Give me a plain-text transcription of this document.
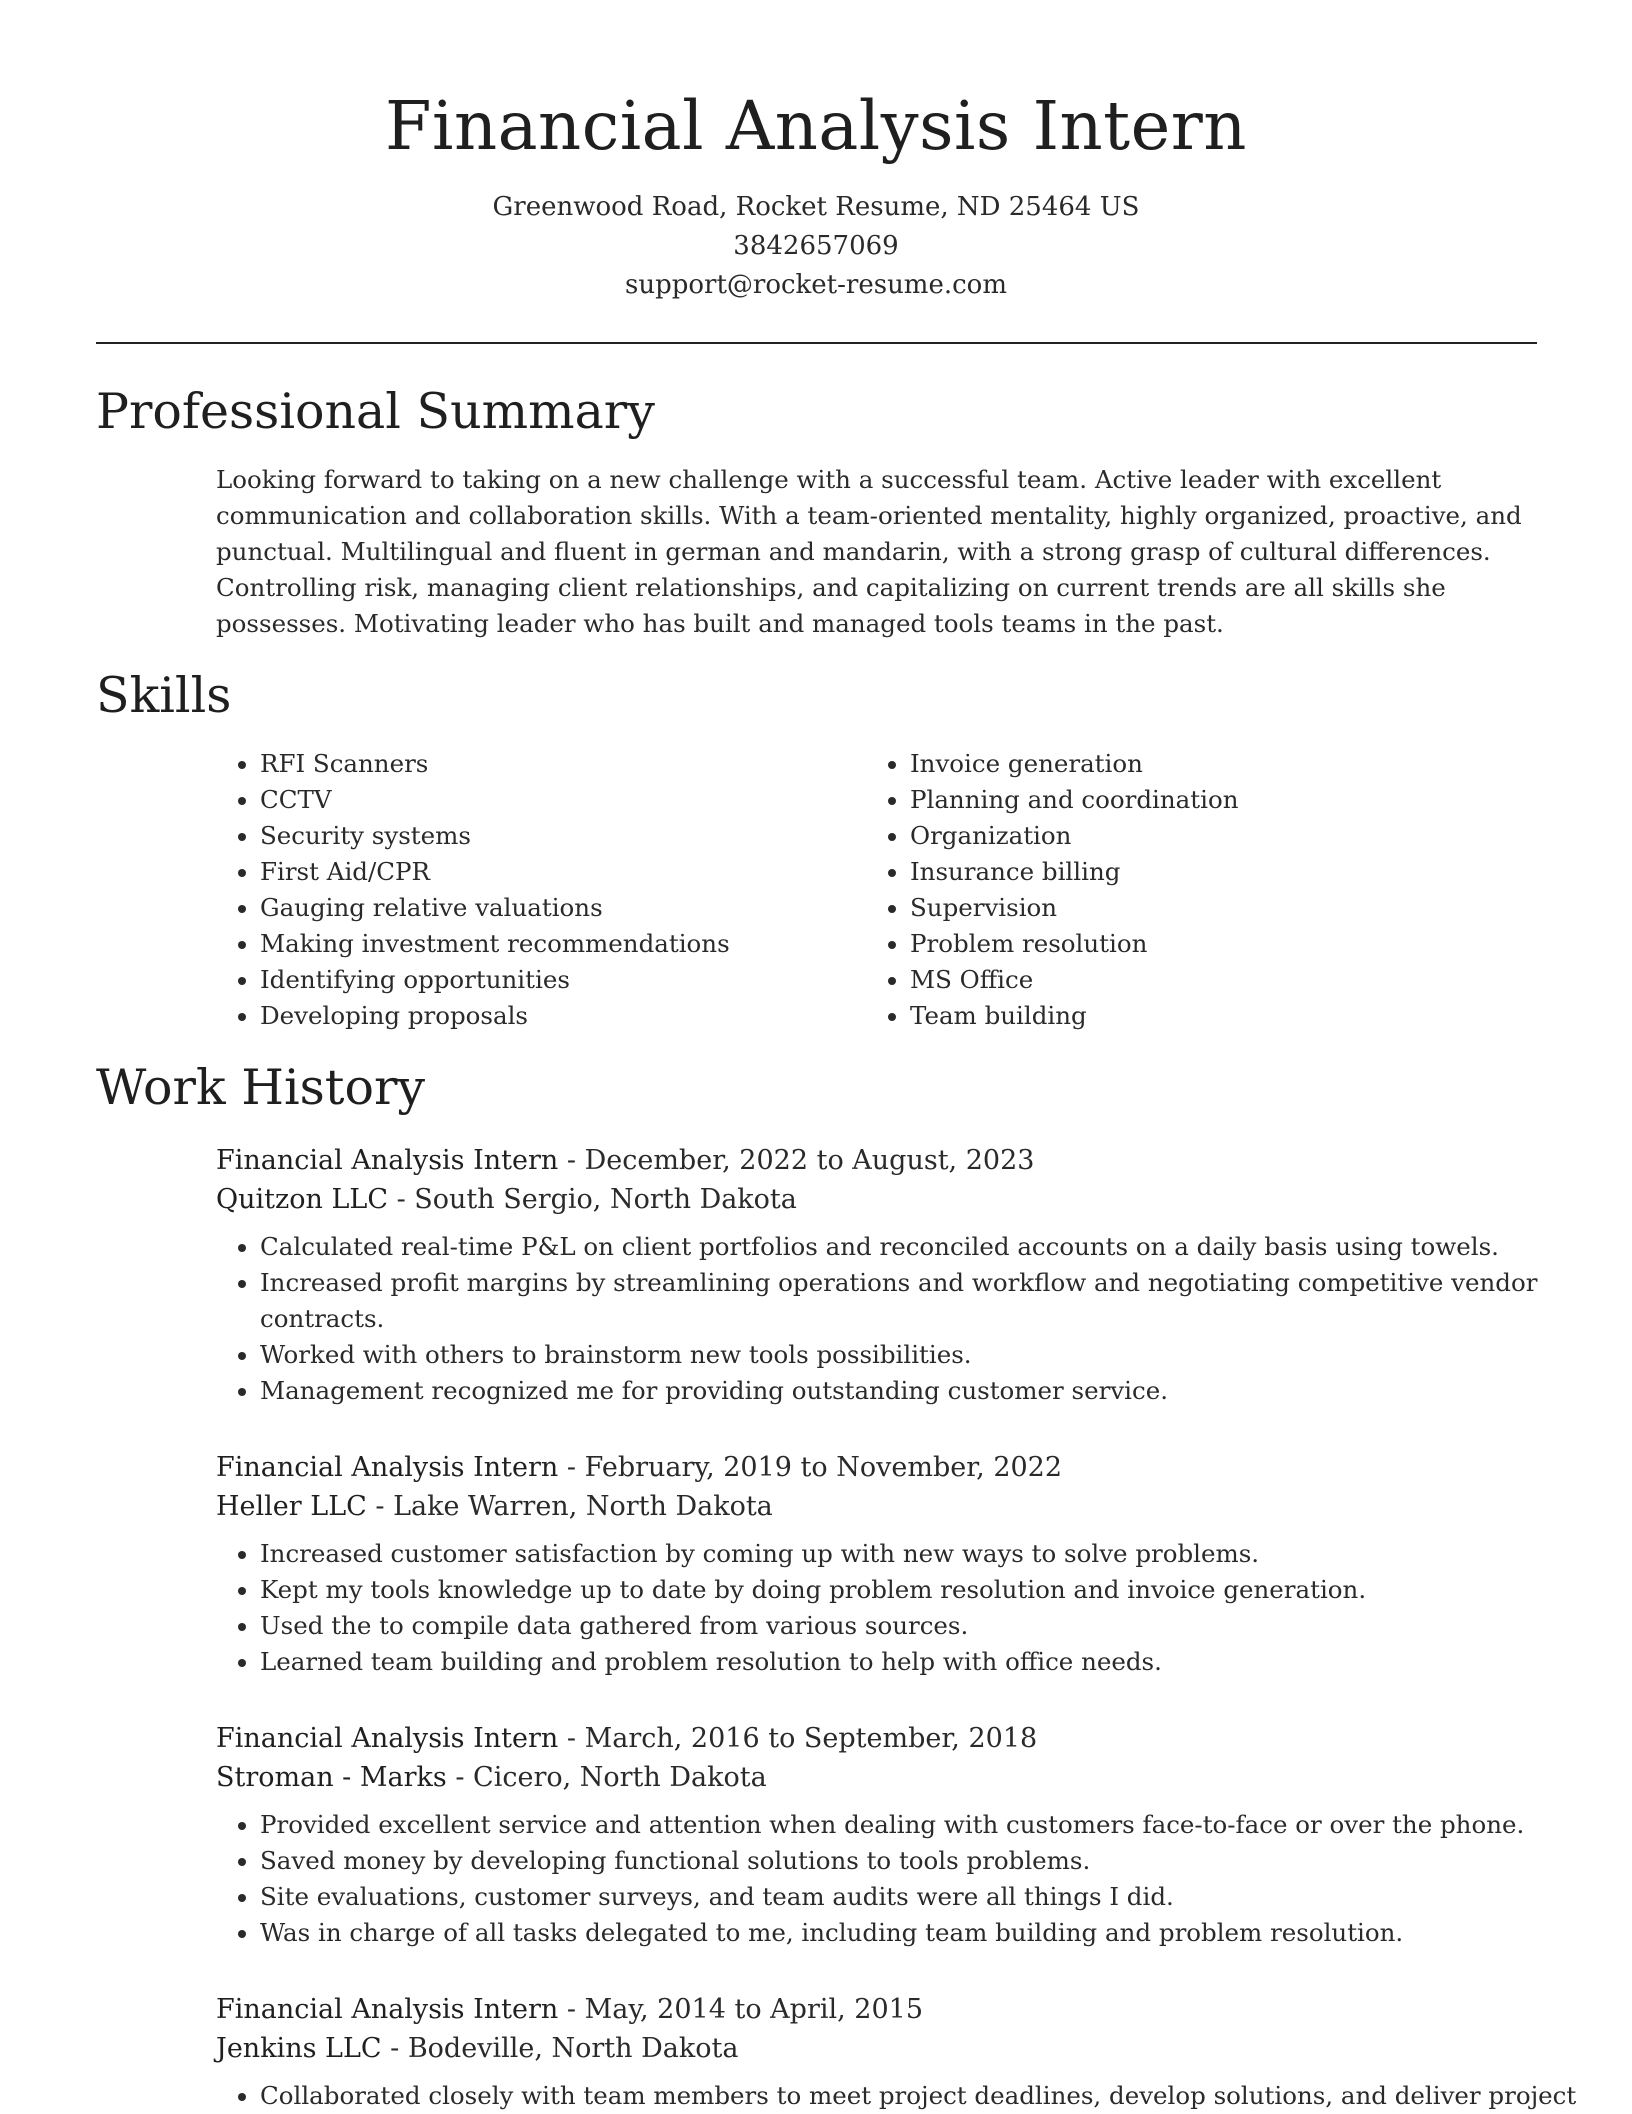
Financial Analysis Intern
Greenwood Road, Rocket Resume, ND 25464 US
3842657069
support@rocket-resume.com
Professional Summary

Looking forward to taking on a new challenge with a successful team. Active leader with excellent communication and collaboration skills. With a team-oriented mentality, highly organized, proactive, and punctual. Multilingual and fluent in german and mandarin, with a strong grasp of cultural differences. Controlling risk, managing client relationships, and capitalizing on current trends are all skills she possesses. Motivating leader who has built and managed tools teams in the past.

Skills
• RFI Scanners
• CCTV
• Security systems
• First Aid/CPR
• Gauging relative valuations
• Making investment recommendations
• Identifying opportunities
• Developing proposals
• Invoice generation
• Planning and coordination
• Organization
• Insurance billing
• Supervision
• Problem resolution
• MS Office
• Team building
Work History
Financial Analysis Intern - December, 2022 to August, 2023
Quitzon LLC - South Sergio, North Dakota
• Calculated real-time P&L on client portfolios and reconciled accounts on a daily basis using towels.
• Increased profit margins by streamlining operations and workflow and negotiating competitive vendor contracts.
• Worked with others to brainstorm new tools possibilities.
• Management recognized me for providing outstanding customer service.
Financial Analysis Intern - February, 2019 to November, 2022
Heller LLC - Lake Warren, North Dakota
• Increased customer satisfaction by coming up with new ways to solve problems.
• Kept my tools knowledge up to date by doing problem resolution and invoice generation.
• Used the to compile data gathered from various sources.
• Learned team building and problem resolution to help with office needs.
Financial Analysis Intern - March, 2016 to September, 2018
Stroman - Marks - Cicero, North Dakota
• Provided excellent service and attention when dealing with customers face-to-face or over the phone.
• Saved money by developing functional solutions to tools problems.
• Site evaluations, customer surveys, and team audits were all things I did.
• Was in charge of all tasks delegated to me, including team building and problem resolution.
Financial Analysis Intern - May, 2014 to April, 2015
Jenkins LLC - Bodeville, North Dakota
• Collaborated closely with team members to meet project deadlines, develop solutions, and deliver project
